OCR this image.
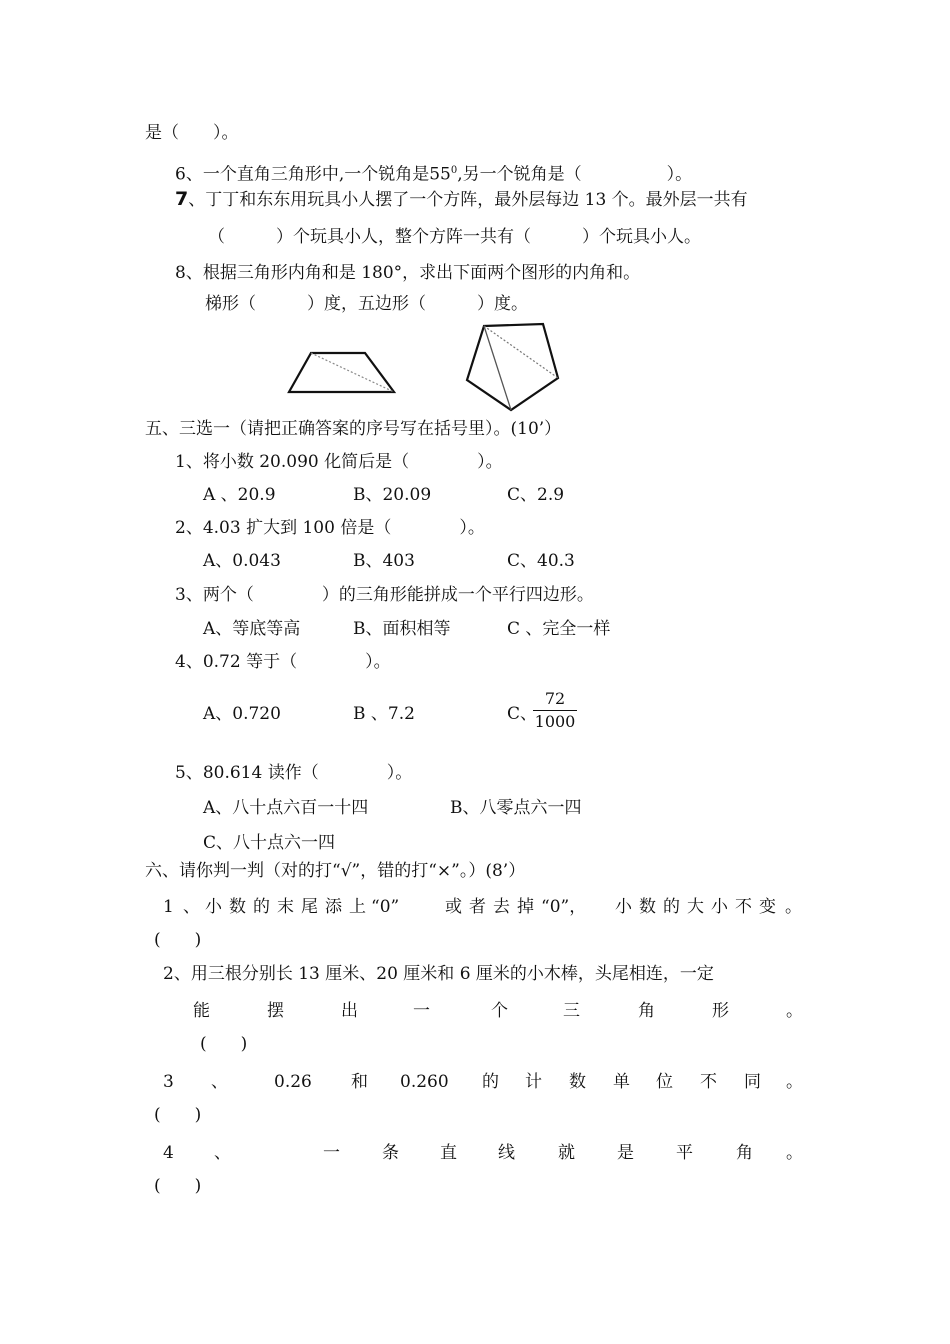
是（　　）。
6、一个直角三角形中,一个锐角是$55^0$,另一个锐角是（　　　　　）。
7、丁丁和东东用玩具小人摆了一个方阵，最外层每边 13 个。最外层一共有
（　　　）个玩具小人，整个方阵一共有（　　　）个玩具小人。
8、根据三角形内角和是 180°，求出下面两个图形的内角和。
梯形（　　　）度，五边形（　　　）度。
五、三选一（请把正确答案的序号写在括号里）。(10’）
1、将小数 20.090 化简后是（　　　　）。
A 、20.9	B、20.09	C、2.9
2、4.03 扩大到 100 倍是（　　　　）。
A、0.043	B、403	C、40.3
3、两个（　　　　）的三角形能拼成一个平行四边形。
A、等底等高	B、面积相等	C 、完全一样
4、0.72 等于（　　　　）。
A、0.720	B 、7.2	C、
72
1000
5、80.614 读作（　　　　）。
A、八十点六百一十四	B、八零点六一四
C、八十点六一四
六、请你判一判（对的打“√”，错的打“×”。）(8’）
1 、 小 数 的 末 尾 添 上 “0”	或 者 去 掉 “0”， 小 数 的 大 小 不 变 。
(　　)
2、用三根分别长 13 厘米、20 厘米和 6 厘米的小木棒，头尾相连，一定
能	摆	出	一	个	三	角	形	。
(　　)
3 、	0.26 和 0.260 的 计 数 单 位 不 同 。
(　　)
4 、	一 条 直 线	就 是 平	角 。
(　　)
